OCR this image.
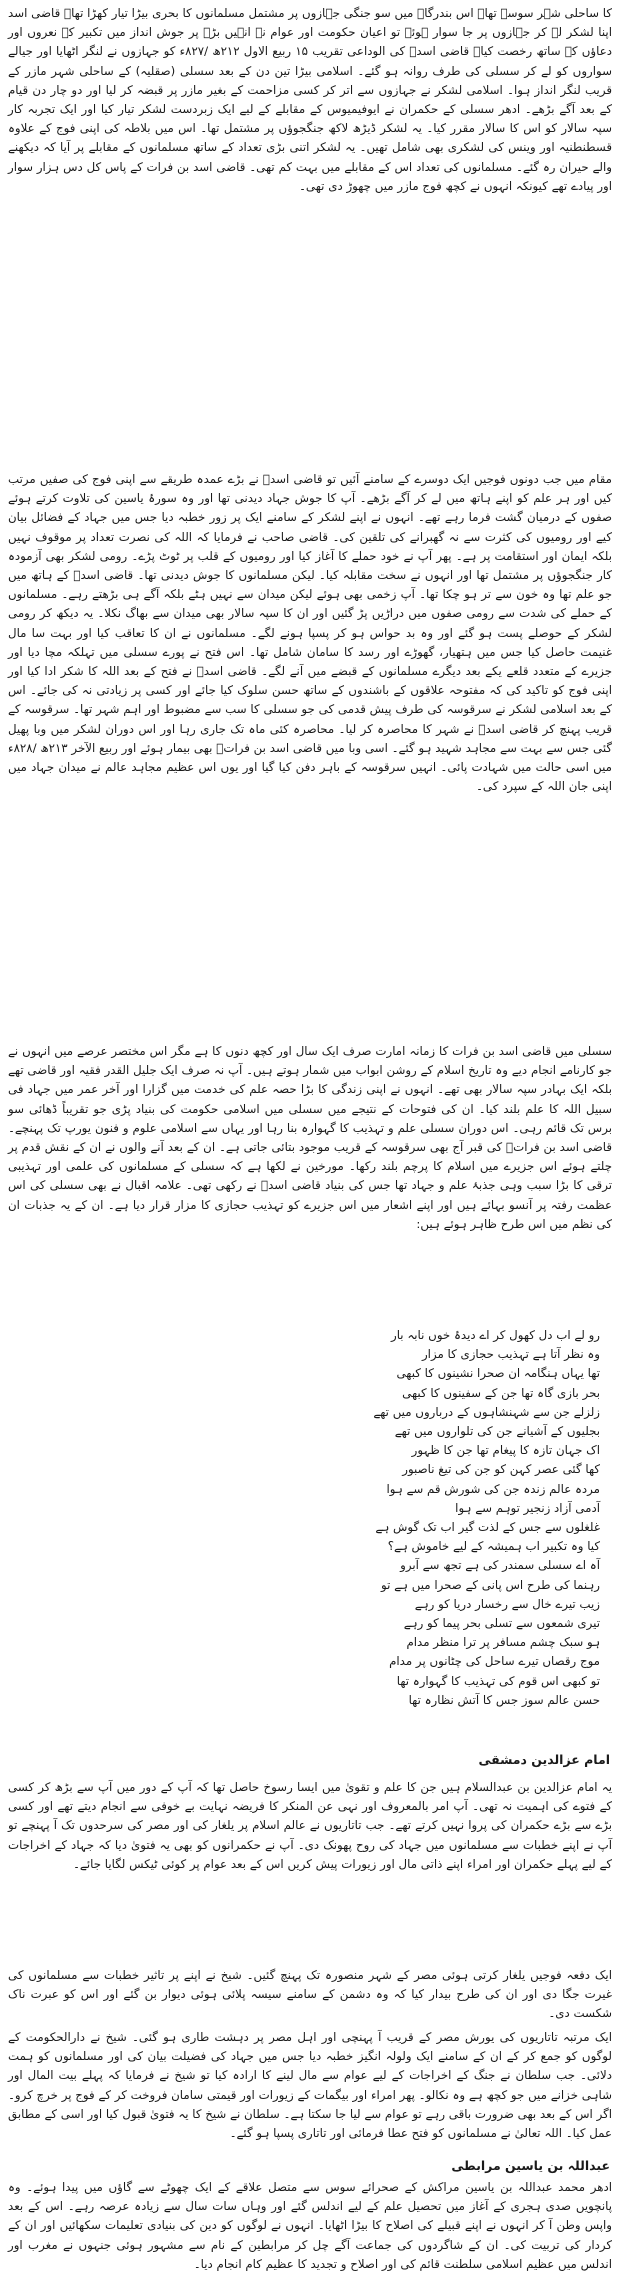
کا ساحلی شہر سوسہ تھا۔ اس بندرگاہ میں سو جنگی جہازوں پر مشتمل مسلمانوں کا بحری بیڑا تیار کھڑا تھا۔ قاضی اسد اپنا لشکر لے کر جہازوں پر جا سوار ہوئے تو اعیان حکومت اور عوام نے انہیں بڑے پر جوش انداز میں تکبیر کے نعروں اور دعاؤں کے ساتھ رخصت کیا۔ قاضی اسدؒ کی الوداعی تقریب ۱۵ ربیع الاول ۲۱۲ھ /۸۲۷ء کو جہازوں نے لنگر اٹھایا اور جیالے سواروں کو لے کر سسلی کی طرف روانہ ہو گئے۔ اسلامی بیڑا تین دن کے بعد سسلی (صقلیہ) کے ساحلی شہر مازر کے قریب لنگر انداز ہوا۔ اسلامی لشکر نے جہازوں سے اتر کر کسی مزاحمت کے بغیر مازر پر قبضہ کر لیا اور دو چار دن قیام کے بعد آگے بڑھے۔ ادھر سسلی کے حکمران نے ایوفیمیوس کے مقابلے کے لیے ایک زبردست لشکر تیار کیا اور ایک تجربہ کار سپہ سالار کو اس کا سالار مقرر کیا۔ یہ لشکر ڈیڑھ لاکھ جنگجوؤں پر مشتمل تھا۔ اس میں بلاطہ کی اپنی فوج کے علاوہ قسطنطنیہ اور وینس کی لشکری بھی شامل تھیں۔ یہ لشکر اتنی بڑی تعداد کے ساتھ مسلمانوں کے مقابلے پر آیا کہ دیکھنے والے حیران رہ گئے۔ مسلمانوں کی تعداد اس کے مقابلے میں بہت کم تھی۔ قاضی اسد بن فرات کے پاس کل دس ہزار سوار اور پیادے تھے کیونکہ انہوں نے کچھ فوج مازر میں چھوڑ دی تھی۔

مقام میں جب دونوں فوجیں ایک دوسرے کے سامنے آئیں تو قاضی اسدؒ نے بڑے عمدہ طریقے سے اپنی فوج کی صفیں مرتب کیں اور ہر علم کو اپنے ہاتھ میں لے کر آگے بڑھے۔ آپ کا جوش جہاد دیدنی تھا اور وہ سورۂ یاسین کی تلاوت کرتے ہوئے صفوں کے درمیان گشت فرما رہے تھے۔ انہوں نے اپنے لشکر کے سامنے ایک پر زور خطبہ دیا جس میں جہاد کے فضائل بیان کیے اور رومیوں کی کثرت سے نہ گھبرانے کی تلقین کی۔ قاضی صاحب نے فرمایا کہ اللہ کی نصرت تعداد پر موقوف نہیں بلکہ ایمان اور استقامت پر ہے۔ پھر آپ نے خود حملے کا آغاز کیا اور رومیوں کے قلب پر ٹوٹ پڑے۔ رومی لشکر بھی آزمودہ کار جنگجوؤں پر مشتمل تھا اور انہوں نے سخت مقابلہ کیا۔ لیکن مسلمانوں کا جوش دیدنی تھا۔ قاضی اسدؒ کے ہاتھ میں جو علم تھا وہ خون سے تر ہو چکا تھا۔ آپ زخمی بھی ہوئے لیکن میدان سے نہیں ہٹے بلکہ آگے ہی بڑھتے رہے۔ مسلمانوں کے حملے کی شدت سے رومی صفوں میں دراڑیں پڑ گئیں اور ان کا سپہ سالار بھی میدان سے بھاگ نکلا۔ یہ دیکھ کر رومی لشکر کے حوصلے پست ہو گئے اور وہ بد حواس ہو کر پسپا ہونے لگے۔ مسلمانوں نے ان کا تعاقب کیا اور بہت سا مال غنیمت حاصل کیا جس میں ہتھیار، گھوڑے اور رسد کا سامان شامل تھا۔ اس فتح نے پورے سسلی میں تہلکہ مچا دیا اور جزیرے کے متعدد قلعے یکے بعد دیگرے مسلمانوں کے قبضے میں آنے لگے۔ قاضی اسدؒ نے فتح کے بعد اللہ کا شکر ادا کیا اور اپنی فوج کو تاکید کی کہ مفتوحہ علاقوں کے باشندوں کے ساتھ حسن سلوک کیا جائے اور کسی پر زیادتی نہ کی جائے۔ اس کے بعد اسلامی لشکر نے سرقوسہ کی طرف پیش قدمی کی جو سسلی کا سب سے مضبوط اور اہم شہر تھا۔ سرقوسہ کے قریب پہنچ کر قاضی اسدؒ نے شہر کا محاصرہ کر لیا۔ محاصرہ کئی ماہ تک جاری رہا اور اس دوران لشکر میں وبا پھیل گئی جس سے بہت سے مجاہد شہید ہو گئے۔ اسی وبا میں قاضی اسد بن فراتؒ بھی بیمار ہوئے اور ربیع الآخر ۲۱۳ھ /۸۲۸ء میں اسی حالت میں شہادت پائی۔ انہیں سرقوسہ کے باہر دفن کیا گیا اور یوں اس عظیم مجاہد عالم نے میدان جہاد میں اپنی جان اللہ کے سپرد کی۔

سسلی میں قاضی اسد بن فرات کا زمانہ امارت صرف ایک سال اور کچھ دنوں کا ہے مگر اس مختصر عرصے میں انہوں نے جو کارنامے انجام دیے وہ تاریخ اسلام کے روشن ابواب میں شمار ہوتے ہیں۔ آپ نہ صرف ایک جلیل القدر فقیہ اور قاضی تھے بلکہ ایک بہادر سپہ سالار بھی تھے۔ انہوں نے اپنی زندگی کا بڑا حصہ علم کی خدمت میں گزارا اور آخر عمر میں جہاد فی سبیل اللہ کا علم بلند کیا۔ ان کی فتوحات کے نتیجے میں سسلی میں اسلامی حکومت کی بنیاد پڑی جو تقریباً ڈھائی سو برس تک قائم رہی۔ اس دوران سسلی علم و تہذیب کا گہوارہ بنا رہا اور یہاں سے اسلامی علوم و فنون یورپ تک پہنچے۔ قاضی اسد بن فراتؒ کی قبر آج بھی سرقوسہ کے قریب موجود بتائی جاتی ہے۔ ان کے بعد آنے والوں نے ان کے نقش قدم پر چلتے ہوئے اس جزیرے میں اسلام کا پرچم بلند رکھا۔ مورخین نے لکھا ہے کہ سسلی کے مسلمانوں کی علمی اور تہذیبی ترقی کا بڑا سبب وہی جذبۂ علم و جہاد تھا جس کی بنیاد قاضی اسدؒ نے رکھی تھی۔ علامہ اقبال نے بھی سسلی کی اس عظمت رفتہ پر آنسو بہائے ہیں اور اپنے اشعار میں اس جزیرے کو تہذیب حجازی کا مزار قرار دیا ہے۔ ان کے یہ جذبات ان کی نظم میں اس طرح ظاہر ہوئے ہیں:

رو لے اب دل کھول کر اے دیدۂ خوں نابہ بار
وہ نظر آتا ہے تہذیب حجازی کا مزار
تھا یہاں ہنگامہ ان صحرا نشینوں کا کبھی
بحر بازی گاہ تھا جن کے سفینوں کا کبھی
زلزلے جن سے شہنشاہوں کے درباروں میں تھے
بجلیوں کے آشیانے جن کی تلواروں میں تھے
اک جہان تازہ کا پیغام تھا جن کا ظہور
کھا گئی عصر کہن کو جن کی تیغ ناصبور
مردہ عالم زندہ جن کی شورش قم سے ہوا
آدمی آزاد زنجیر توہم سے ہوا
غلغلوں سے جس کے لذت گیر اب تک گوش ہے
کیا وہ تکبیر اب ہمیشہ کے لیے خاموش ہے؟
آہ اے سسلی سمندر کی ہے تجھ سے آبرو
رہنما کی طرح اس پانی کے صحرا میں ہے تو
زیب تیرے خال سے رخسار دریا کو رہے
تیری شمعوں سے تسلی بحر پیما کو رہے
ہو سبک چشم مسافر پر ترا منظر مدام
موج رقصاں تیرے ساحل کی چٹانوں پر مدام
تو کبھی اس قوم کی تہذیب کا گہوارہ تھا
حسن عالم سوز جس کا آتش نظارہ تھا
امام عزالدین دمشقی

یہ امام عزالدین بن عبدالسلام ہیں جن کا علم و تقویٰ میں ایسا رسوخ حاصل تھا کہ آپ کے دور میں آپ سے بڑھ کر کسی کے فتوے کی اہمیت نہ تھی۔ آپ امر بالمعروف اور نہی عن المنکر کا فریضہ نہایت بے خوفی سے انجام دیتے تھے اور کسی بڑے سے بڑے حکمران کی پروا نہیں کرتے تھے۔ جب تاتاریوں نے عالم اسلام پر یلغار کی اور مصر کی سرحدوں تک آ پہنچے تو آپ نے اپنے خطبات سے مسلمانوں میں جہاد کی روح پھونک دی۔ آپ نے حکمرانوں کو بھی یہ فتویٰ دیا کہ جہاد کے اخراجات کے لیے پہلے حکمران اور امراء اپنے ذاتی مال اور زیورات پیش کریں اس کے بعد عوام پر کوئی ٹیکس لگایا جائے۔

ایک دفعہ فوجیں یلغار کرتی ہوئی مصر کے شہر منصورہ تک پہنچ گئیں۔ شیخ نے اپنے پر تاثیر خطبات سے مسلمانوں کی غیرت جگا دی اور ان کی طرح بیدار کیا کہ وہ دشمن کے سامنے سیسہ پلائی ہوئی دیوار بن گئے اور اس کو عبرت ناک شکست دی۔

ایک مرتبہ تاتاریوں کی یورش مصر کے قریب آ پہنچی اور اہل مصر پر دہشت طاری ہو گئی۔ شیخ نے دارالحکومت کے لوگوں کو جمع کر کے ان کے سامنے ایک ولولہ انگیز خطبہ دیا جس میں جہاد کی فضیلت بیان کی اور مسلمانوں کو ہمت دلائی۔ جب سلطان نے جنگ کے اخراجات کے لیے عوام سے مال لینے کا ارادہ کیا تو شیخ نے فرمایا کہ پہلے بیت المال اور شاہی خزانے میں جو کچھ ہے وہ نکالو۔ پھر امراء اور بیگمات کے زیورات اور قیمتی سامان فروخت کر کے فوج پر خرچ کرو۔ اگر اس کے بعد بھی ضرورت باقی رہے تو عوام سے لیا جا سکتا ہے۔ سلطان نے شیخ کا یہ فتویٰ قبول کیا اور اسی کے مطابق عمل کیا۔ اللہ تعالیٰ نے مسلمانوں کو فتح عطا فرمائی اور تاتاری پسپا ہو گئے۔

عبداللہ بن یاسین مرابطی

ادھر محمد عبداللہ بن یاسین مراکش کے صحرائے سوس سے متصل علاقے کے ایک چھوٹے سے گاؤں میں پیدا ہوئے۔ وہ پانچویں صدی ہجری کے آغاز میں تحصیل علم کے لیے اندلس گئے اور وہاں سات سال سے زیادہ عرصہ رہے۔ اس کے بعد واپس وطن آ کر انہوں نے اپنے قبیلے کی اصلاح کا بیڑا اٹھایا۔ انہوں نے لوگوں کو دین کی بنیادی تعلیمات سکھائیں اور ان کے کردار کی تربیت کی۔ ان کے شاگردوں کی جماعت آگے چل کر مرابطین کے نام سے مشہور ہوئی جنہوں نے مغرب اور اندلس میں عظیم اسلامی سلطنت قائم کی اور اصلاح و تجدید کا عظیم کام انجام دیا۔
